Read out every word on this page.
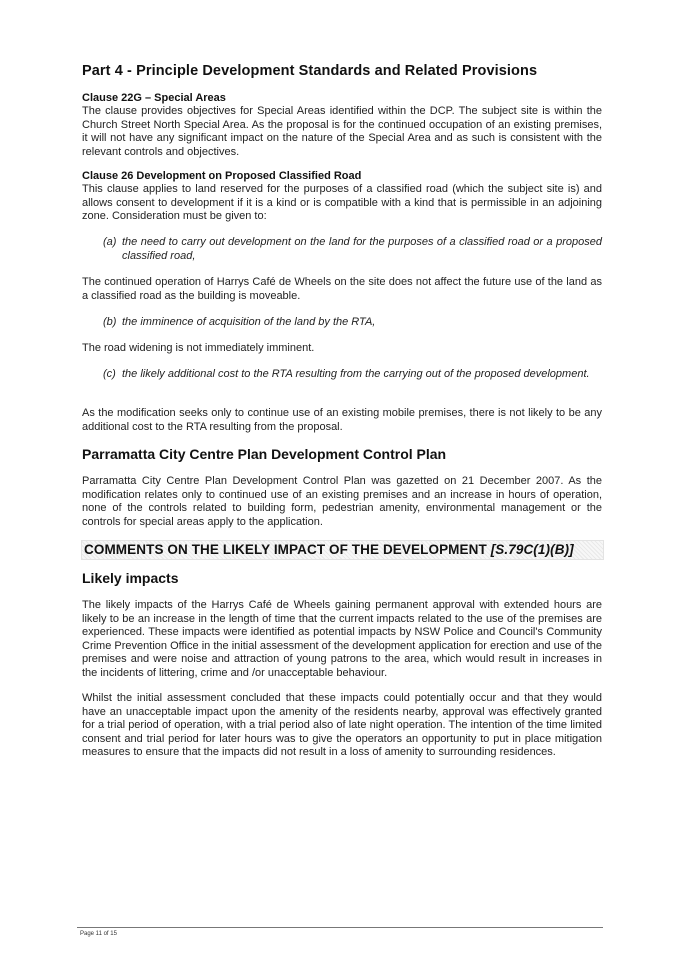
Part 4 - Principle Development Standards and Related Provisions
Clause 22G – Special Areas
The clause provides objectives for Special Areas identified within the DCP. The subject site is within the Church Street North Special Area. As the proposal is for the continued occupation of an existing premises, it will not have any significant impact on the nature of the Special Area and as such is consistent with the relevant controls and objectives.
Clause 26 Development on Proposed Classified Road
This clause applies to land reserved for the purposes of a classified road (which the subject site is) and allows consent to development if it is a kind or is compatible with a kind that is permissible in an adjoining zone. Consideration must be given to:
(a) the need to carry out development on the land for the purposes of a classified road or a proposed classified road,
The continued operation of Harrys Café de Wheels on the site does not affect the future use of the land as a classified road as the building is moveable.
(b) the imminence of acquisition of the land by the RTA,
The road widening is not immediately imminent.
(c) the likely additional cost to the RTA resulting from the carrying out of the proposed development.
As the modification seeks only to continue use of an existing mobile premises, there is not likely to be any additional cost to the RTA resulting from the proposal.
Parramatta City Centre Plan Development Control Plan
Parramatta City Centre Plan Development Control Plan was gazetted on 21 December 2007. As the modification relates only to continued use of an existing premises and an increase in hours of operation, none of the controls related to building form, pedestrian amenity, environmental management or the controls for special areas apply to the application.
COMMENTS ON THE LIKELY IMPACT OF THE DEVELOPMENT [S.79C(1)(B)]
Likely impacts
The likely impacts of the Harrys Café de Wheels gaining permanent approval with extended hours are likely to be an increase in the length of time that the current impacts related to the use of the premises are experienced. These impacts were identified as potential impacts by NSW Police and Council's Community Crime Prevention Office in the initial assessment of the development application for erection and use of the premises and were noise and attraction of young patrons to the area, which would result in increases in the incidents of littering, crime and /or unacceptable behaviour.
Whilst the initial assessment concluded that these impacts could potentially occur and that they would have an unacceptable impact upon the amenity of the residents nearby, approval was effectively granted for a trial period of operation, with a trial period also of late night operation. The intention of the time limited consent and trial period for later hours was to give the operators an opportunity to put in place mitigation measures to ensure that the impacts did not result in a loss of amenity to surrounding residences.
Page 11 of 15
